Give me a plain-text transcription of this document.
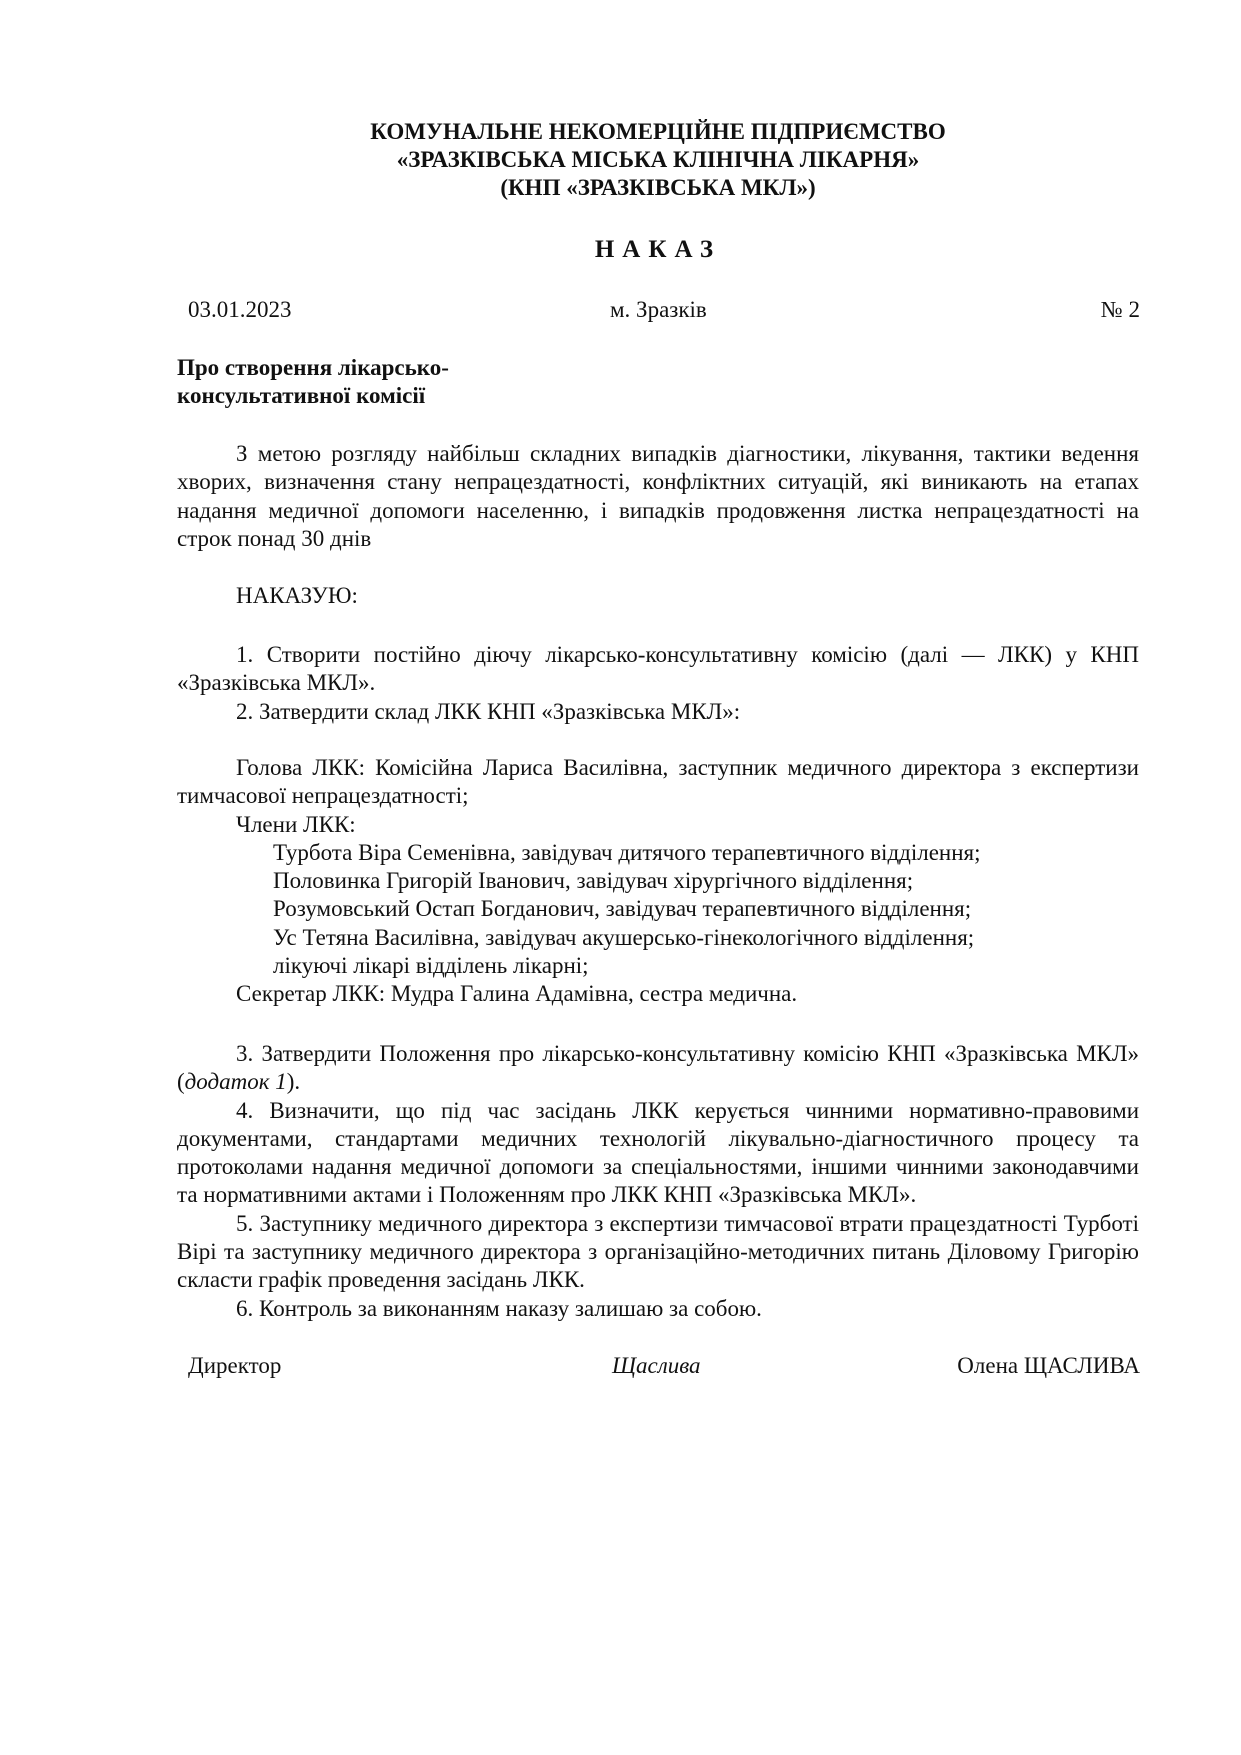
КОМУНАЛЬНЕ НЕКОМЕРЦІЙНЕ ПІДПРИЄМСТВО
«ЗРАЗКІВСЬКА МІСЬКА КЛІНІЧНА ЛІКАРНЯ»
(КНП «ЗРАЗКІВСЬКА МКЛ»)
НАКАЗ
03.01.2023	м. Зразків	№ 2
Про створення лікарсько-
консультативної комісії

З метою розгляду найбільш складних випадків діагностики, лікування, тактики ведення хворих, визначення стану непрацездатності, конфліктних ситуацій, які виникають на етапах надання медичної допомоги населенню, і випадків продовження листка непрацездатності на строк понад 30 днів

НАКАЗУЮ:

1. Створити постійно діючу лікарсько-консультативну комісію (далі — ЛКК) у КНП «Зразківська МКЛ».

2. Затвердити склад ЛКК КНП «Зразківська МКЛ»:

Голова ЛКК: Комісійна Лариса Василівна, заступник медичного директора з експертизи тимчасової непрацездатності;

Члени ЛКК:

Турбота Віра Семенівна, завідувач дитячого терапевтичного відділення;

Половинка Григорій Іванович, завідувач хірургічного відділення;

Розумовський Остап Богданович, завідувач терапевтичного відділення;

Ус Тетяна Василівна, завідувач акушерсько-гінекологічного відділення;

лікуючі лікарі відділень лікарні;

Секретар ЛКК: Мудра Галина Адамівна, сестра медична.

3. Затвердити Положення про лікарсько-консультативну комісію КНП «Зразківська МКЛ» (додаток 1).

4. Визначити, що під час засідань ЛКК керується чинними нормативно-правовими документами, стандартами медичних технологій лікувально-діагностичного процесу та протоколами надання медичної допомоги за спеціальностями, іншими чинними законодавчими та нормативними актами і Положенням про ЛКК КНП «Зразківська МКЛ».

5. Заступнику медичного директора з експертизи тимчасової втрати працездатності Турботі Вірі та заступнику медичного директора з організаційно-методичних питань Діловому Григорію скласти графік проведення засідань ЛКК.

6. Контроль за виконанням наказу залишаю за собою.

Директор	Щаслива	Олена ЩАСЛИВА
